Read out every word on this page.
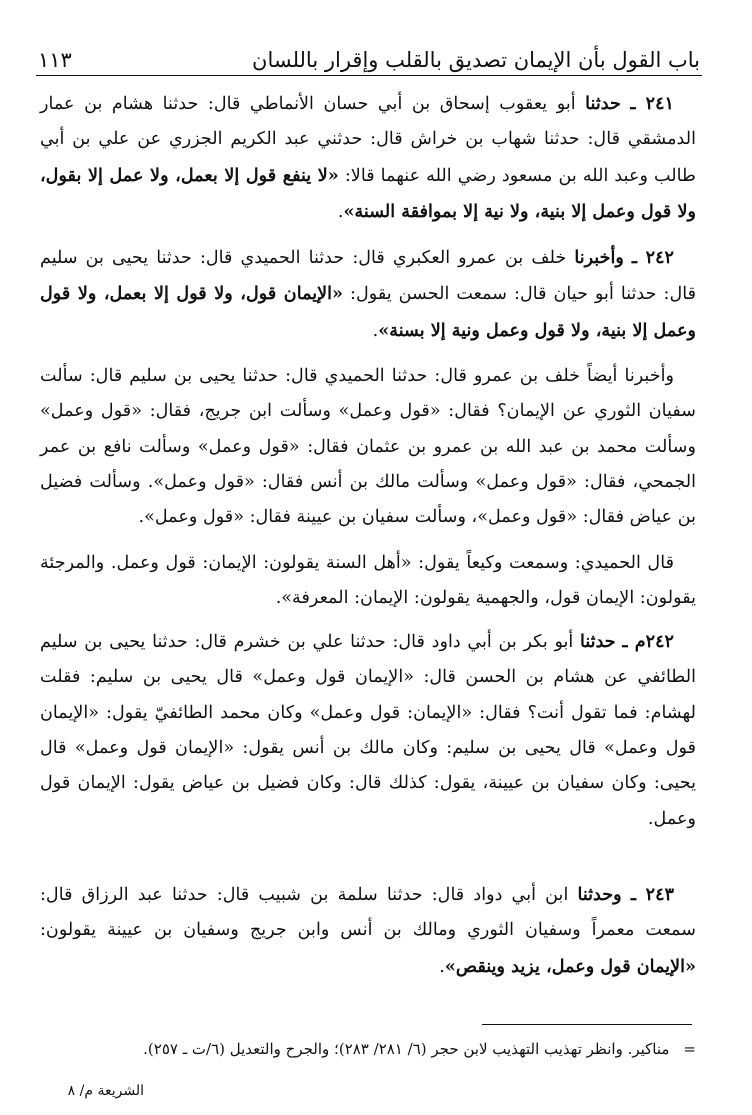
باب القول بأن الإيمان تصديق بالقلب وإقرار باللسان
١١٣

٢٤١ ـ حدثنا أبو يعقوب إسحاق بن أبي حسان الأنماطي قال: حدثنا هشام بن عمار الدمشقي قال: حدثنا شهاب بن خراش قال: حدثني عبد الكريم الجزري عن علي بن أبي طالب وعبد الله بن مسعود رضي الله عنهما قالا: «لا ينفع قول إلا بعمل، ولا عمل إلا بقول، ولا قول وعمل إلا بنية، ولا نية إلا بموافقة السنة».

٢٤٢ ـ وأخبرنا خلف بن عمرو العكبري قال: حدثنا الحميدي قال: حدثنا يحيى بن سليم قال: حدثنا أبو حيان قال: سمعت الحسن يقول: «الإيمان قول، ولا قول إلا بعمل، ولا قول وعمل إلا بنية، ولا قول وعمل ونية إلا بسنة».

وأخبرنا أيضاً خلف بن عمرو قال: حدثنا الحميدي قال: حدثنا يحيى بن سليم قال: سألت سفيان الثوري عن الإيمان؟ فقال: «قول وعمل» وسألت ابن جريج، فقال: «قول وعمل» وسألت محمد بن عبد الله بن عمرو بن عثمان فقال: «قول وعمل» وسألت نافع بن عمر الجمحي، فقال: «قول وعمل» وسألت مالك بن أنس فقال: «قول وعمل». وسألت فضيل بن عياض فقال: «قول وعمل»، وسألت سفيان بن عيينة فقال: «قول وعمل».

قال الحميدي: وسمعت وكيعاً يقول: «أهل السنة يقولون: الإيمان: قول وعمل. والمرجئة يقولون: الإيمان قول، والجهمية يقولون: الإيمان: المعرفة».

٢٤٢م ـ حدثنا أبو بكر بن أبي داود قال: حدثنا علي بن خشرم قال: حدثنا يحيى بن سليم الطائفي عن هشام بن الحسن قال: «الإيمان قول وعمل» قال يحيى بن سليم: فقلت لهشام: فما تقول أنت؟ فقال: «الإيمان: قول وعمل» وكان محمد الطائفيّ يقول: «الإيمان قول وعمل» قال يحيى بن سليم: وكان مالك بن أنس يقول: «الإيمان قول وعمل» قال يحيى: وكان سفيان بن عيينة، يقول: كذلك قال: وكان فضيل بن عياض يقول: الإيمان قول وعمل.

٢٤٣ ـ وحدثنا ابن أبي دواد قال: حدثنا سلمة بن شبيب قال: حدثنا عبد الرزاق قال: سمعت معمراً وسفيان الثوري ومالك بن أنس وابن جريج وسفيان بن عيينة يقولون: «الإيمان قول وعمل، يزيد وينقص».

=
مناكير. وانظر تهذيب التهذيب لابن حجر (٦/ ٢٨١/ ٢٨٣)؛ والجرح والتعديل (٦/ت ـ ٢٥٧).
الشريعة م/ ٨
